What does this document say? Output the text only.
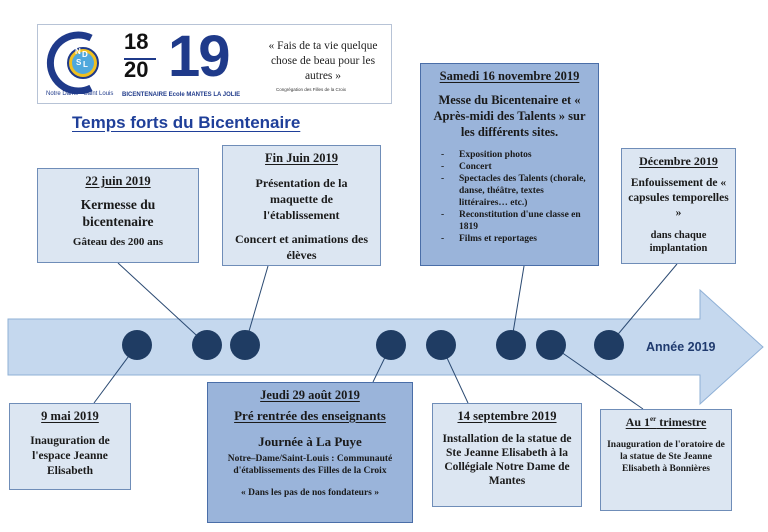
N D
S L
Notre Dame - Saint Louis
18
20 19
BICENTENAIRE Ecole MANTES LA JOLIE
« Fais de ta vie quelque chose de beau pour les autres »
Congrégation des Filles de la Croix
Temps forts du Bicentenaire
Année 2019
22 juin 2019
Kermesse du bicentenaire
Gâteau des 200 ans
Fin Juin 2019
Présentation de la maquette de l'établissement
Concert et animations des élèves
Samedi 16 novembre 2019
Messe du Bicentenaire et « Après-midi des Talents » sur les différents sites.
- Exposition photos
- Concert
- Spectacles des Talents (chorale, danse, théâtre, textes littéraires… etc.)
- Reconstitution d'une classe en 1819
- Films et reportages
Décembre 2019
Enfouissement de « capsules temporelles »
dans chaque implantation
9 mai 2019
Inauguration de l'espace Jeanne Elisabeth
Jeudi 29 août 2019
Pré rentrée des enseignants
Journée à La Puye
Notre–Dame/Saint-Louis : Communauté d'établissements des Filles de la Croix
« Dans les pas de nos fondateurs »
14 septembre 2019
Installation de la statue de Ste Jeanne Elisabeth à la Collégiale Notre Dame de Mantes
Au 1er trimestre
Inauguration de l'oratoire de la statue de Ste Jeanne Elisabeth à Bonnières
